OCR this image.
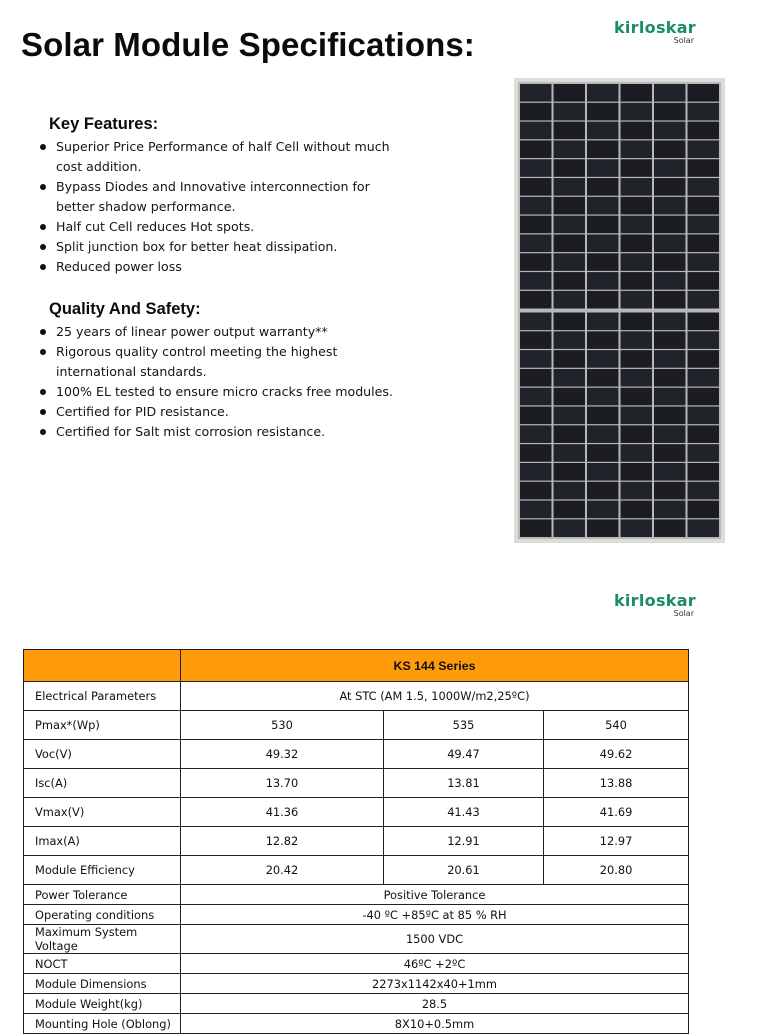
Solar Module Specifications:	kirloskar
Solar
Key Features:
Superior Price Performance of half Cell without much cost addition.
Bypass Diodes and Innovative interconnection for better shadow performance.
Half cut Cell reduces Hot spots.
Split junction box for better heat dissipation.
Reduced power loss
Quality And Safety:
25 years of linear power output warranty**
Rigorous quality control meeting the highest international standards.
100% EL tested to ensure micro cracks free modules.
Certified for PID resistance.
Certified for Salt mist corrosion resistance.
kirloskar
Solar
	KS 144 Series		
Electrical Parameters	At STC (AM 1.5, 1000W/m2,25ºC)		
Pmax*(Wp)	530	535	540
Voc(V)	49.32	49.47	49.62
Isc(A)	13.70	13.81	13.88
Vmax(V)	41.36	41.43	41.69
Imax(A)	12.82	12.91	12.97
Module Efficiency	20.42	20.61	20.80
Power Tolerance	Positive Tolerance		
Operating conditions	-40 ºC +85ºC at 85 % RH		
Maximum System Voltage	1500 VDC		
NOCT	46ºC +2ºC		
Module Dimensions	2273x1142x40+1mm		
Module Weight(kg)	28.5		
Mounting Hole (Oblong)	8X10+0.5mm		
